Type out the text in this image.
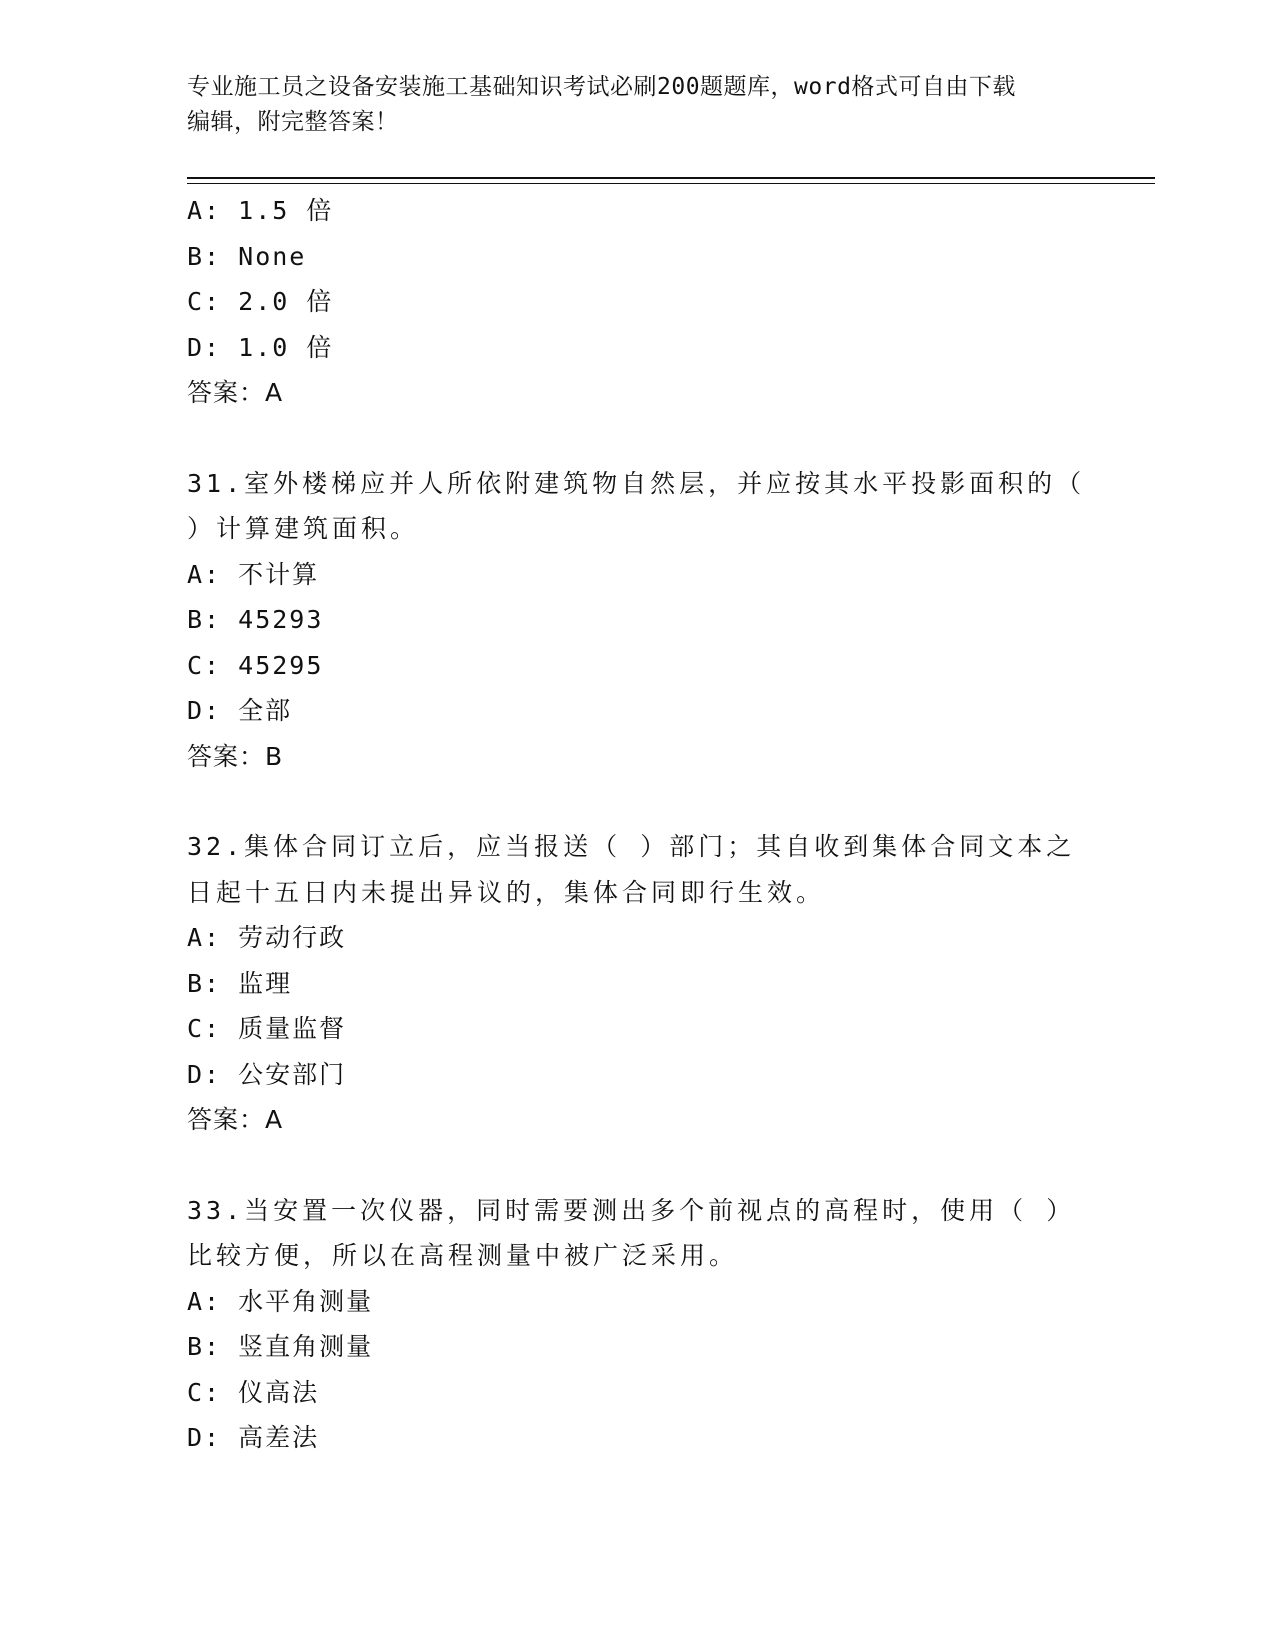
专业施工员之设备安装施工基础知识考试必刷200题题库，word格式可自由下载
编辑，附完整答案！
A: 1.5 倍
B: None
C: 2.0 倍
D: 1.0 倍
答案：A
31.室外楼梯应并人所依附建筑物自然层，并应按其水平投影面积的（
）计算建筑面积。
A: 不计算
B: 45293
C: 45295
D: 全部
答案：B
32.集体合同订立后，应当报送（ ）部门；其自收到集体合同文本之
日起十五日内未提出异议的，集体合同即行生效。
A: 劳动行政
B: 监理
C: 质量监督
D: 公安部门
答案：A
33.当安置一次仪器，同时需要测出多个前视点的高程时，使用（ ）
比较方便，所以在高程测量中被广泛采用。
A: 水平角测量
B: 竖直角测量
C: 仪高法
D: 高差法
